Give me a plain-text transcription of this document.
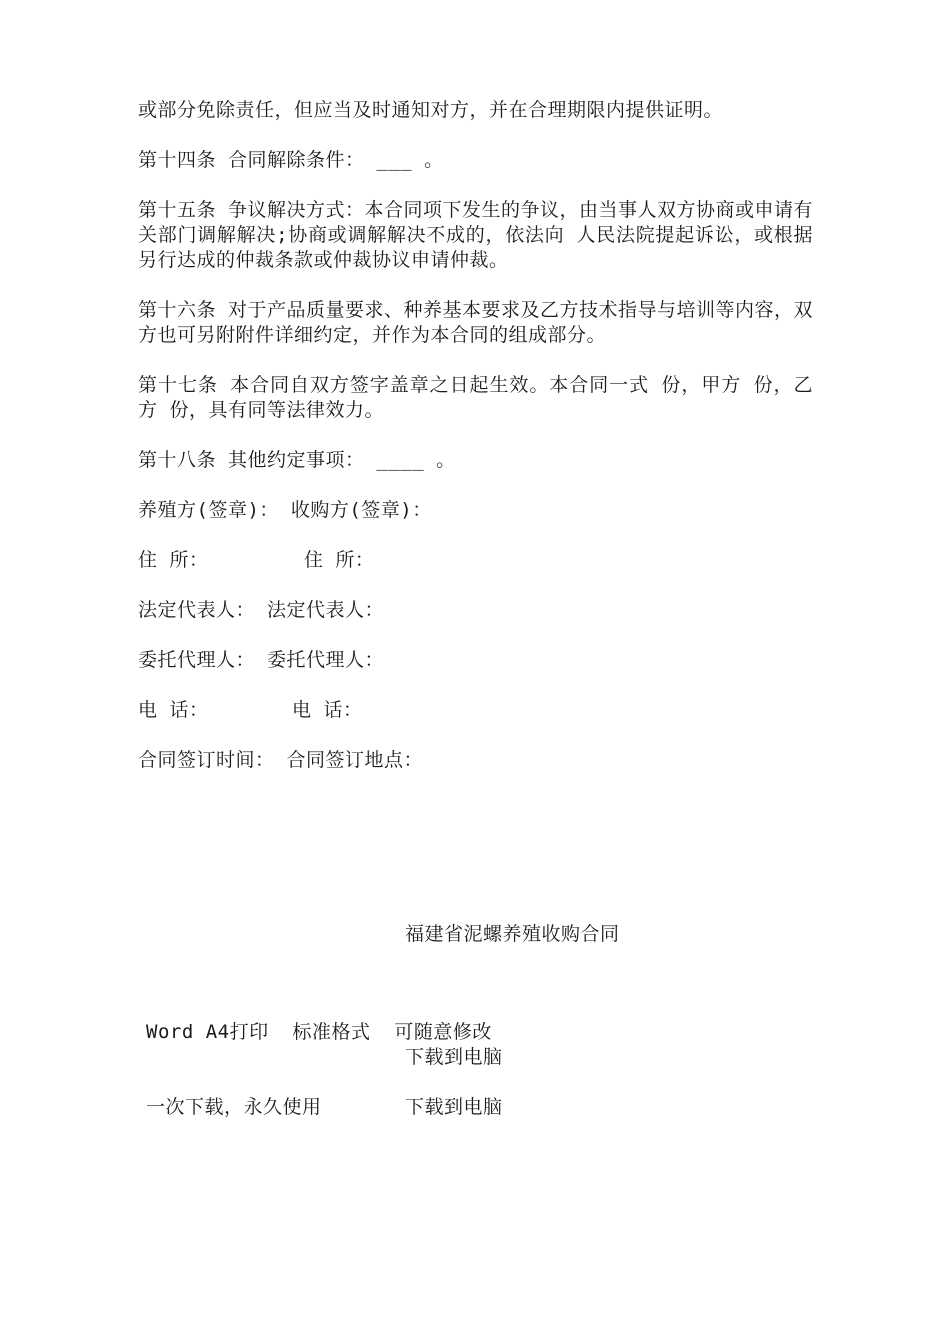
或部分免除责任，但应当及时通知对方，并在合理期限内提供证明。

第十四条 合同解除条件： ___ 。

第十五条 争议解决方式：本合同项下发生的争议，由当事人双方协商或申请有关部门调解解决;协商或调解解决不成的，依法向 人民法院提起诉讼，或根据另行达成的仲裁条款或仲裁协议申请仲裁。

第十六条 对于产品质量要求、种养基本要求及乙方技术指导与培训等内容，双方也可另附附件详细约定，并作为本合同的组成部分。

第十七条 本合同自双方签字盖章之日起生效。本合同一式 份，甲方 份，乙方 份，具有同等法律效力。

第十八条 其他约定事项： ____ 。

养殖方(签章)： 收购方(签章)：

住 所：        住 所：

法定代表人： 法定代表人：

委托代理人： 委托代理人：

电 话：       电 话：

合同签订时间： 合同签订地点：

福建省泥螺养殖收购合同

Word A4打印  标准格式  可随意修改

一次下载，永久使用

下载到电脑
下载到电脑
